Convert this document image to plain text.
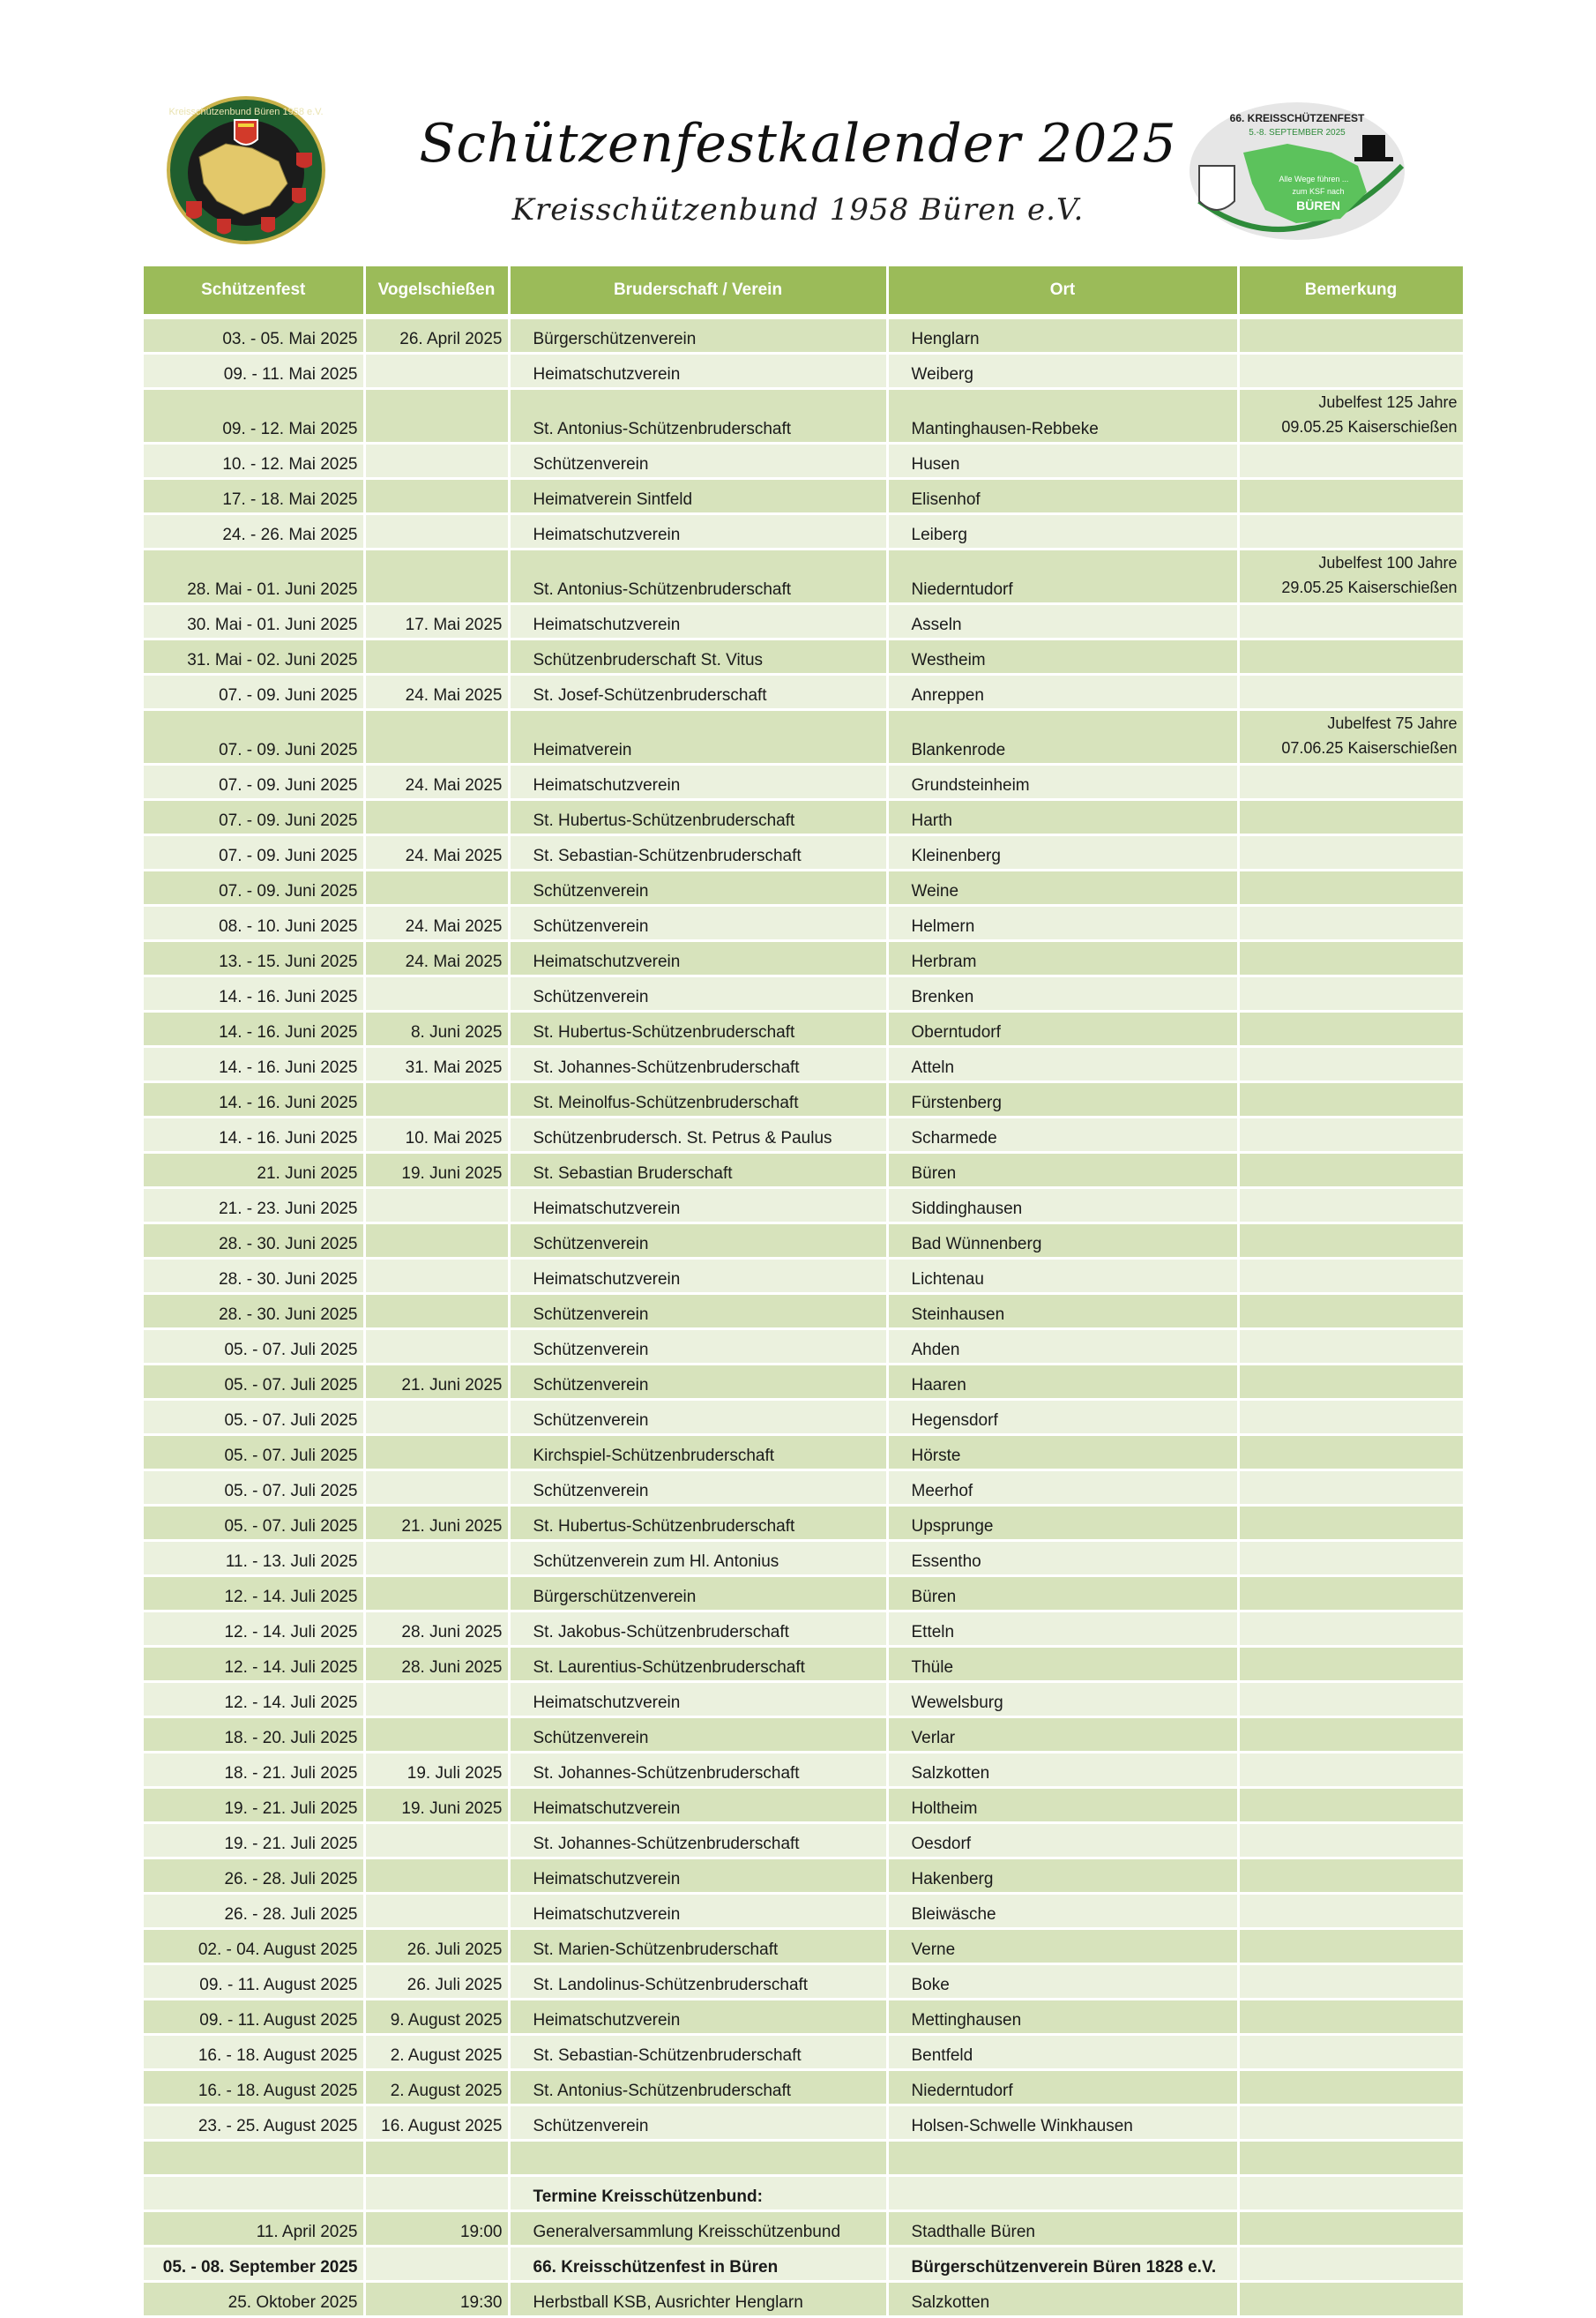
Kreisschützenbund Büren 1958 e.V.
Schützenfestkalender 2025
Kreisschützenbund 1958 Büren e.V.
66. KREISSCHÜTZENFEST
5.-8. SEPTEMBER 2025
Alle Wege führen ...
zum KSF nach
BÜREN
Schützenfest	Vogelschießen	Bruderschaft / Verein	Ort	Bemerkung
03. - 05. Mai 2025	26. April 2025	Bürgerschützenverein	Henglarn	
09. - 11. Mai 2025		Heimatschutzverein	Weiberg	
09. - 12. Mai 2025		St. Antonius-Schützenbruderschaft	Mantinghausen-Rebbeke	Jubelfest 125 Jahre
09.05.25 Kaiserschießen

10. - 12. Mai 2025		Schützenverein	Husen	
17. - 18. Mai 2025		Heimatverein Sintfeld	Elisenhof	
24. - 26. Mai 2025		Heimatschutzverein	Leiberg	
28. Mai - 01. Juni 2025		St. Antonius-Schützenbruderschaft	Niederntudorf	Jubelfest 100 Jahre
29.05.25 Kaiserschießen

30. Mai - 01. Juni 2025	17. Mai 2025	Heimatschutzverein	Asseln	
31. Mai - 02. Juni 2025		Schützenbruderschaft St. Vitus	Westheim	
07. - 09. Juni 2025	24. Mai 2025	St. Josef-Schützenbruderschaft	Anreppen	
07. - 09. Juni 2025		Heimatverein	Blankenrode	Jubelfest 75 Jahre
07.06.25 Kaiserschießen

07. - 09. Juni 2025	24. Mai 2025	Heimatschutzverein	Grundsteinheim	
07. - 09. Juni 2025		St. Hubertus-Schützenbruderschaft	Harth	
07. - 09. Juni 2025	24. Mai 2025	St. Sebastian-Schützenbruderschaft	Kleinenberg	
07. - 09. Juni 2025		Schützenverein	Weine	
08. - 10. Juni 2025	24. Mai 2025	Schützenverein	Helmern	
13. - 15. Juni 2025	24. Mai 2025	Heimatschutzverein	Herbram	
14. - 16. Juni 2025		Schützenverein	Brenken	
14. - 16. Juni 2025	8. Juni 2025	St. Hubertus-Schützenbruderschaft	Oberntudorf	
14. - 16. Juni 2025	31. Mai 2025	St. Johannes-Schützenbruderschaft	Atteln	
14. - 16. Juni 2025		St. Meinolfus-Schützenbruderschaft	Fürstenberg	
14. - 16. Juni 2025	10. Mai 2025	Schützenbrudersch. St. Petrus & Paulus	Scharmede	
21. Juni 2025	19. Juni 2025	St. Sebastian Bruderschaft	Büren	
21. - 23. Juni 2025		Heimatschutzverein	Siddinghausen	
28. - 30. Juni 2025		Schützenverein	Bad Wünnenberg	
28. - 30. Juni 2025		Heimatschutzverein	Lichtenau	
28. - 30. Juni 2025		Schützenverein	Steinhausen	
05. - 07. Juli 2025		Schützenverein	Ahden	
05. - 07. Juli 2025	21. Juni 2025	Schützenverein	Haaren	
05. - 07. Juli 2025		Schützenverein	Hegensdorf	
05. - 07. Juli 2025		Kirchspiel-Schützenbruderschaft	Hörste	
05. - 07. Juli 2025		Schützenverein	Meerhof	
05. - 07. Juli 2025	21. Juni 2025	St. Hubertus-Schützenbruderschaft	Upsprunge	
11. - 13. Juli 2025		Schützenverein zum Hl. Antonius	Essentho	
12. - 14. Juli 2025		Bürgerschützenverein	Büren	
12. - 14. Juli 2025	28. Juni 2025	St. Jakobus-Schützenbruderschaft	Etteln	
12. - 14. Juli 2025	28. Juni 2025	St. Laurentius-Schützenbruderschaft	Thüle	
12. - 14. Juli 2025		Heimatschutzverein	Wewelsburg	
18. - 20. Juli 2025		Schützenverein	Verlar	
18. - 21. Juli 2025	19. Juli 2025	St. Johannes-Schützenbruderschaft	Salzkotten	
19. - 21. Juli 2025	19. Juni 2025	Heimatschutzverein	Holtheim	
19. - 21. Juli 2025		St. Johannes-Schützenbruderschaft	Oesdorf	
26. - 28. Juli 2025		Heimatschutzverein	Hakenberg	
26. - 28. Juli 2025		Heimatschutzverein	Bleiwäsche	
02. - 04. August 2025	26. Juli 2025	St. Marien-Schützenbruderschaft	Verne	
09. - 11. August 2025	26. Juli 2025	St. Landolinus-Schützenbruderschaft	Boke	
09. - 11. August 2025	9. August 2025	Heimatschutzverein	Mettinghausen	
16. - 18. August 2025	2. August 2025	St. Sebastian-Schützenbruderschaft	Bentfeld	
16. - 18. August 2025	2. August 2025	St. Antonius-Schützenbruderschaft	Niederntudorf	
23. - 25. August 2025	16. August 2025	Schützenverein	Holsen-Schwelle Winkhausen	

		Termine Kreisschützenbund:		
11. April 2025	19:00	Generalversammlung Kreisschützenbund	Stadthalle Büren	
05. - 08. September 2025		66. Kreisschützenfest in Büren	Bürgerschützenverein Büren 1828 e.V.	
25. Oktober 2025	19:30	Herbstball KSB, Ausrichter Henglarn	Salzkotten	
